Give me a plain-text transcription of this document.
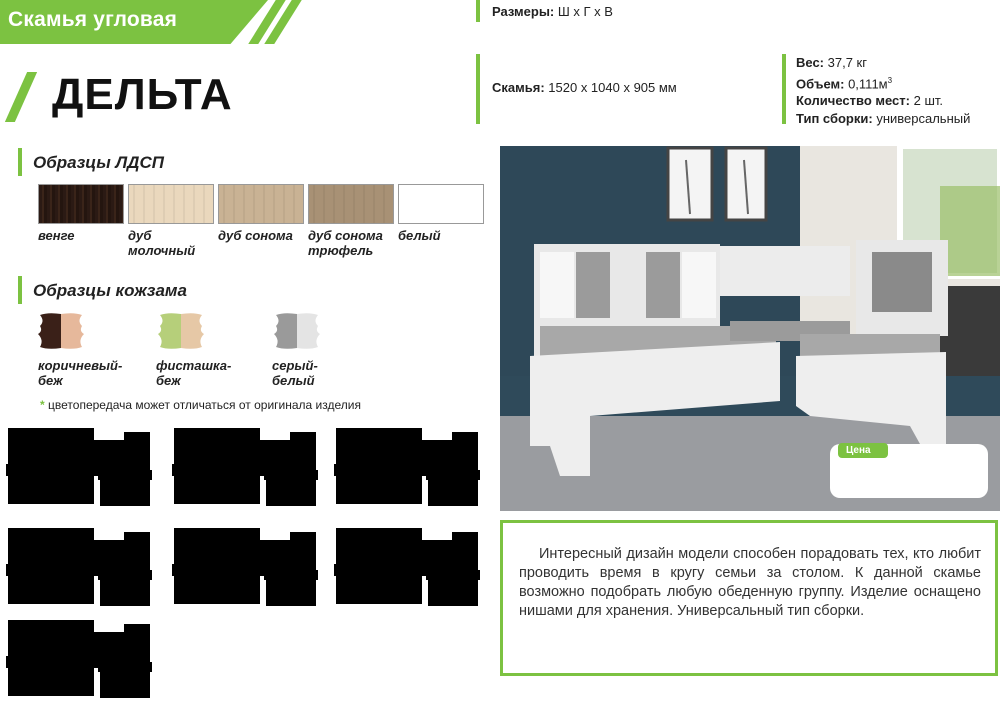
Скамья угловая
ДЕЛЬТА
Размеры: Ш х Г х В
Скамья: 1520 х 1040 х 905 мм
Вес: 37,7 кг
Объем: $0,111м^3$
Количество мест: 2 шт.
Тип сборки: универсальный
Образцы ЛДСП
венге	дуб
молочный
дуб сонома дуб сонома
трюфель
белый
Образцы кожзама
коричневый-
беж
фисташка-
беж
серый-
белый
* цветопередача может отличаться от оригинала изделия
Цена
Интересный дизайн модели способен порадовать тех, кто любит проводить время в кругу семьи за столом. К данной скамье возможно подобрать любую обеденную группу. Изделие оснащено нишами для хранения. Универсальный тип сборки.
